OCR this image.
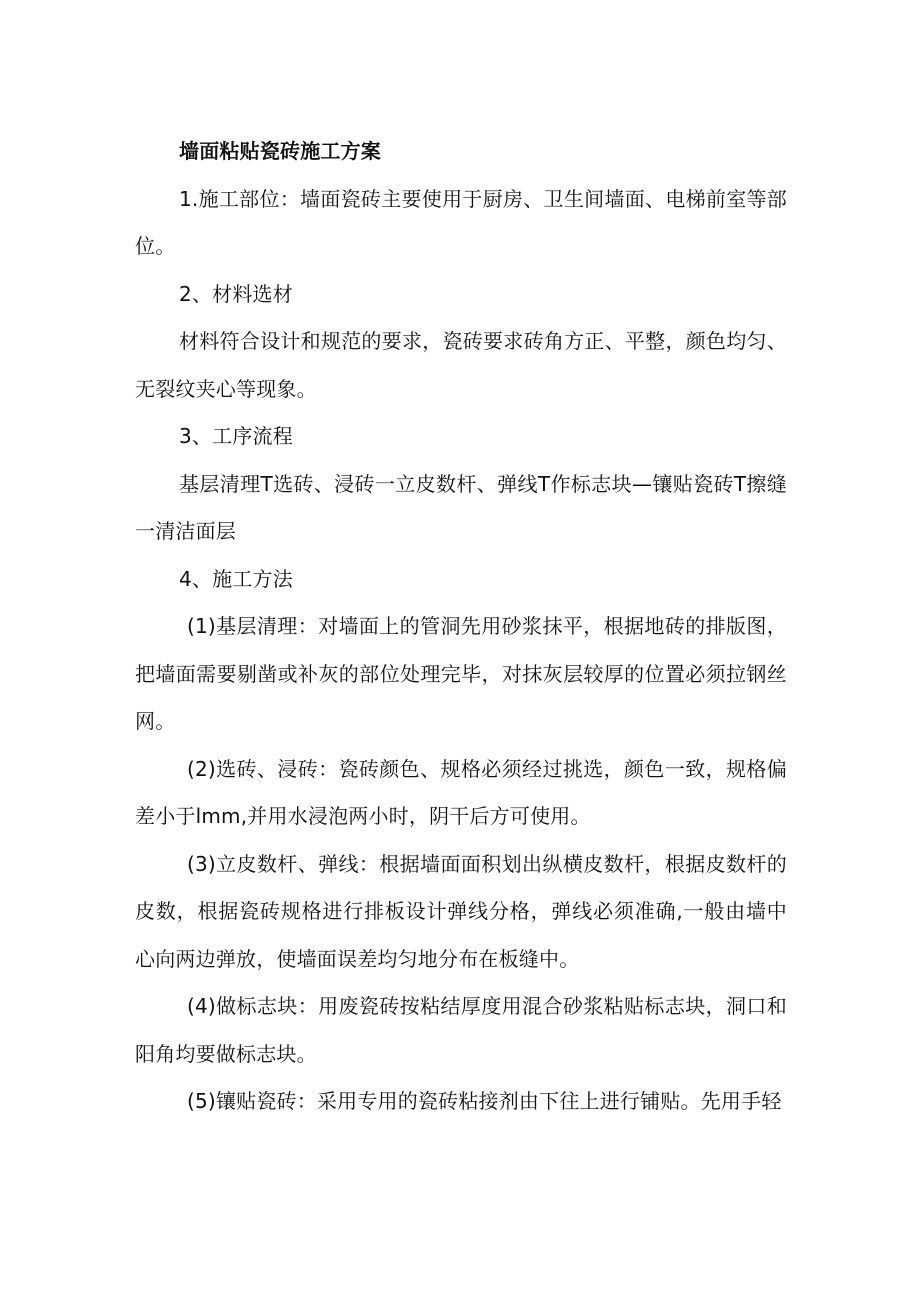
墙面粘贴瓷砖施工方案

1.施工部位：墙面瓷砖主要使用于厨房、卫生间墙面、电梯前室等部位。

2、材料选材

材料符合设计和规范的要求，瓷砖要求砖角方正、平整，颜色均匀、无裂纹夹心等现象。

3、工序流程

基层清理T选砖、浸砖一立皮数杆、弹线T作标志块—镶贴瓷砖T擦缝一清洁面层

4、施工方法

(1)基层清理：对墙面上的管洞先用砂浆抹平，根据地砖的排版图，把墙面需要剔凿或补灰的部位处理完毕，对抹灰层较厚的位置必须拉钢丝网。

(2)选砖、浸砖：瓷砖颜色、规格必须经过挑选，颜色一致，规格偏差小于lmm,并用水浸泡两小时，阴干后方可使用。

(3)立皮数杆、弹线：根据墙面面积划出纵横皮数杆，根据皮数杆的皮数，根据瓷砖规格进行排板设计弹线分格，弹线必须准确,一般由墙中心向两边弹放，使墙面误差均匀地分布在板缝中。

(4)做标志块：用废瓷砖按粘结厚度用混合砂浆粘贴标志块，洞口和阳角均要做标志块。

(5)镶贴瓷砖：采用专用的瓷砖粘接剂由下往上进行铺贴。先用手轻
